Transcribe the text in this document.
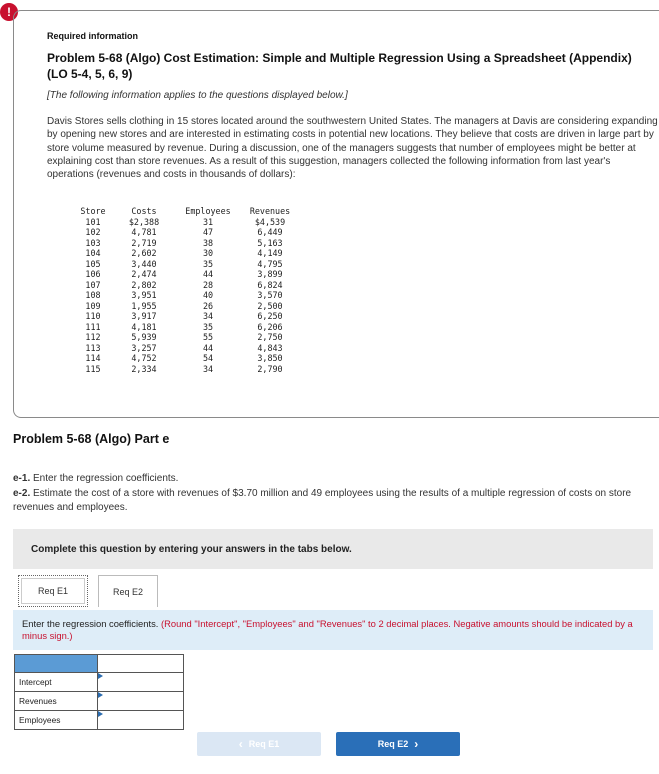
!
Required information
Problem 5-68 (Algo) Cost Estimation: Simple and Multiple Regression Using a Spreadsheet (Appendix)
(LO 5-4, 5, 6, 9)
[The following information applies to the questions displayed below.]
Davis Stores sells clothing in 15 stores located around the southwestern United States. The managers at Davis are considering expanding by opening new stores and are interested in estimating costs in potential new locations. They believe that costs are driven in large part by store volume measured by revenue. During a discussion, one of the managers suggests that number of employees might be better at explaining cost than store revenues. As a result of this suggestion, managers collected the following information from last year's operations (revenues and costs in thousands of dollars):
Store	Costs	Employees	Revenues
101	$2,388	31	$4,539
102	4,781	47	6,449
103	2,719	38	5,163
104	2,602	30	4,149
105	3,440	35	4,795
106	2,474	44	3,899
107	2,802	28	6,824
108	3,951	40	3,570
109	1,955	26	2,500
110	3,917	34	6,250
111	4,181	35	6,206
112	5,939	55	2,750
113	3,257	44	4,843
114	4,752	54	3,850
115	2,334	34	2,790
Problem 5-68 (Algo) Part e
e-1. Enter the regression coefficients.
e-2. Estimate the cost of a store with revenues of $3.70 million and 49 employees using the results of a multiple regression of costs on store revenues and employees.
Complete this question by entering your answers in the tabs below.
Req E1	Req E2
Enter the regression coefficients. (Round "Intercept", "Employees" and "Revenues" to 2 decimal places. Negative amounts should be indicated by a minus sign.)

Intercept	

Revenues	

Employees	
‹ Req E1	Req E2 ›
